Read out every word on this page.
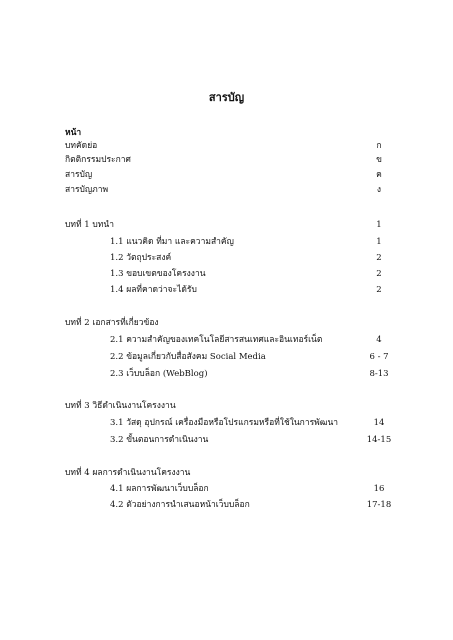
สารบัญ
หน้า
บทคัดย่อ	ก
กิตติกรรมประกาศ	ข
สารบัญ	ค
สารบัญภาพ	ง
บทที่ 1 บทนำ	1
1.1 แนวคิด ที่มา และความสำคัญ	1
1.2 วัตถุประสงค์	2
1.3 ขอบเขตของโครงงาน	2
1.4 ผลที่คาดว่าจะได้รับ	2
บทที่ 2 เอกสารที่เกี่ยวข้อง
2.1 ความสำคัญของเทคโนโลยีสารสนเทศและอินเทอร์เน็ต	4
2.2 ข้อมูลเกี่ยวกับสื่อสังคม Social Media	6 - 7
2.3 เว็บบล็อก (WebBlog)	8-13
บทที่ 3 วิธีดำเนินงานโครงงาน
3.1 วัสดุ อุปกรณ์ เครื่องมือหรือโปรแกรมหรือที่ใช้ในการพัฒนา	14
3.2 ขั้นตอนการดำเนินงาน	14-15
บทที่ 4 ผลการดำเนินงานโครงงาน
4.1 ผลการพัฒนาเว็บบล็อก	16
4.2 ตัวอย่างการนำเสนอหน้าเว็บบล็อก	17-18
